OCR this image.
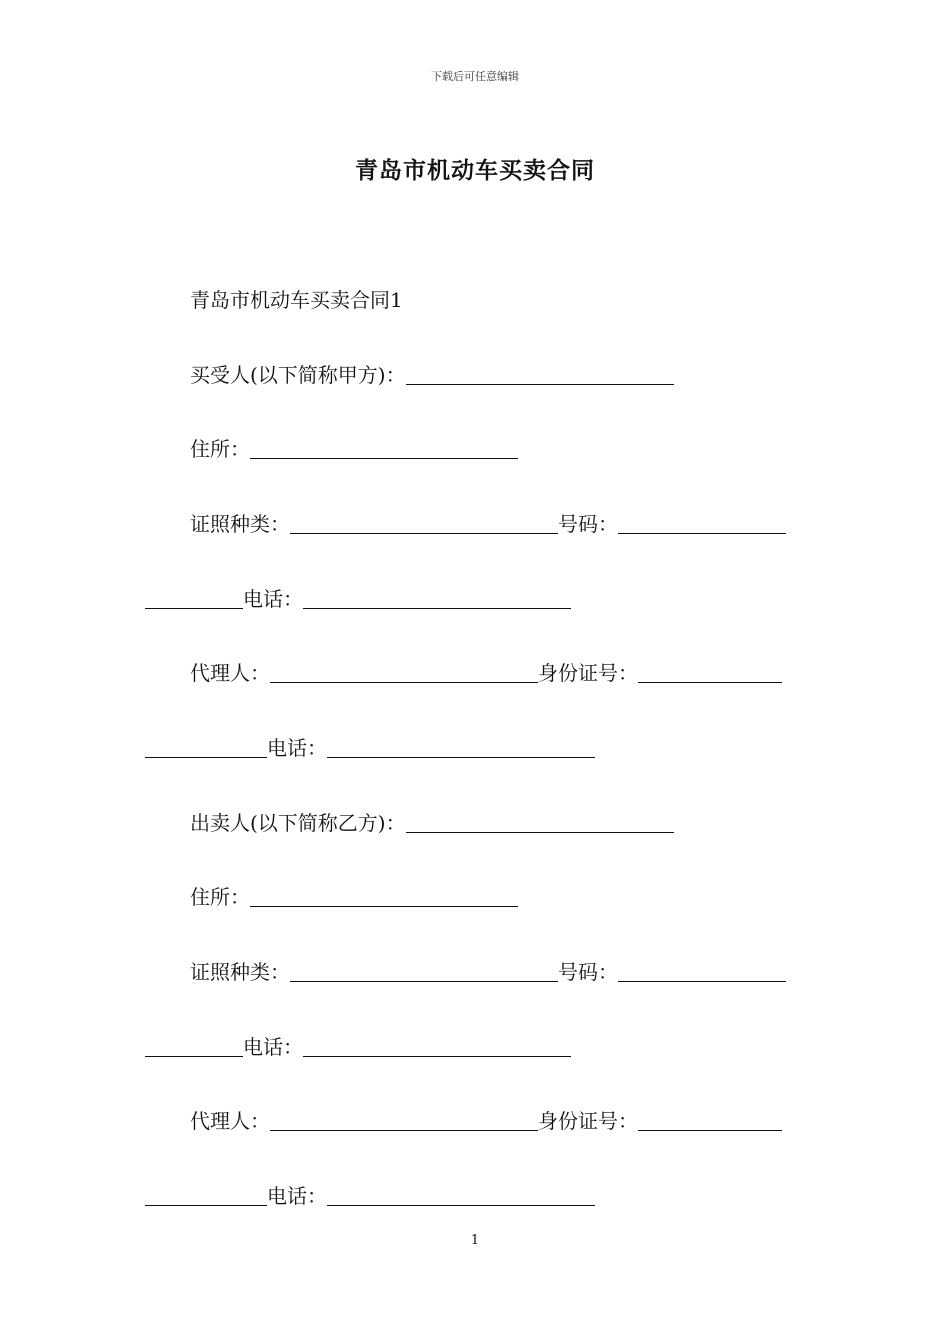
下载后可任意编辑
青岛市机动车买卖合同
青岛市机动车买卖合同1
买受人(以下简称甲方)：
住所：
证照种类：	号码：
电话：
代理人：	身份证号：
电话：
出卖人(以下简称乙方)：
住所：
证照种类：	号码：
电话：
代理人：	身份证号：
电话：
1
